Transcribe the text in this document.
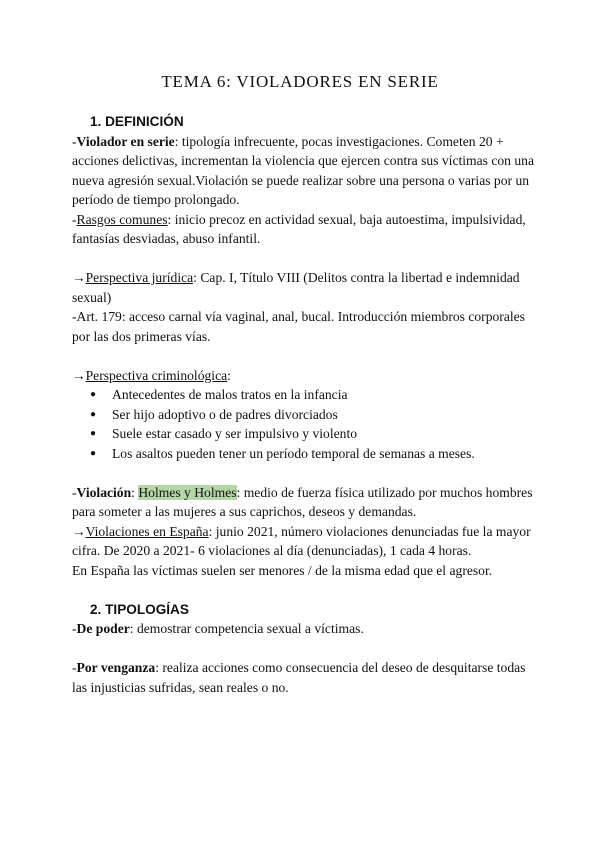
TEMA 6: VIOLADORES EN SERIE

1. DEFINICIÓN

-Violador en serie: tipología infrecuente, pocas investigaciones. Cometen 20 + acciones delictivas, incrementan la violencia que ejercen contra sus víctimas con una nueva agresión sexual.Violación se puede realizar sobre una persona o varias por un período de tiempo prolongado.

-Rasgos comunes: inicio precoz en actividad sexual, baja autoestima, impulsividad, fantasías desviadas, abuso infantil.

→Perspectiva jurídica: Cap. I, Título VIII (Delitos contra la libertad e indemnidad sexual)

-Art. 179: acceso carnal vía vaginal, anal, bucal. Introducción miembros corporales por las dos primeras vías.

→Perspectiva criminológica:

● Antecedentes de malos tratos en la infancia
● Ser hijo adoptivo o de padres divorciados
● Suele estar casado y ser impulsivo y violento
● Los asaltos pueden tener un período temporal de semanas a meses.

-Violación: Holmes y Holmes: medio de fuerza física utilizado por muchos hombres para someter a las mujeres a sus caprichos, deseos y demandas.

→Violaciones en España: junio 2021, número violaciones denunciadas fue la mayor cifra. De 2020 a 2021- 6 violaciones al día (denunciadas), 1 cada 4 horas.

En España las víctimas suelen ser menores / de la misma edad que el agresor.

2. TIPOLOGÍAS

-De poder: demostrar competencia sexual a víctimas.

-Por venganza: realiza acciones como consecuencia del deseo de desquitarse todas las injusticias sufridas, sean reales o no.
